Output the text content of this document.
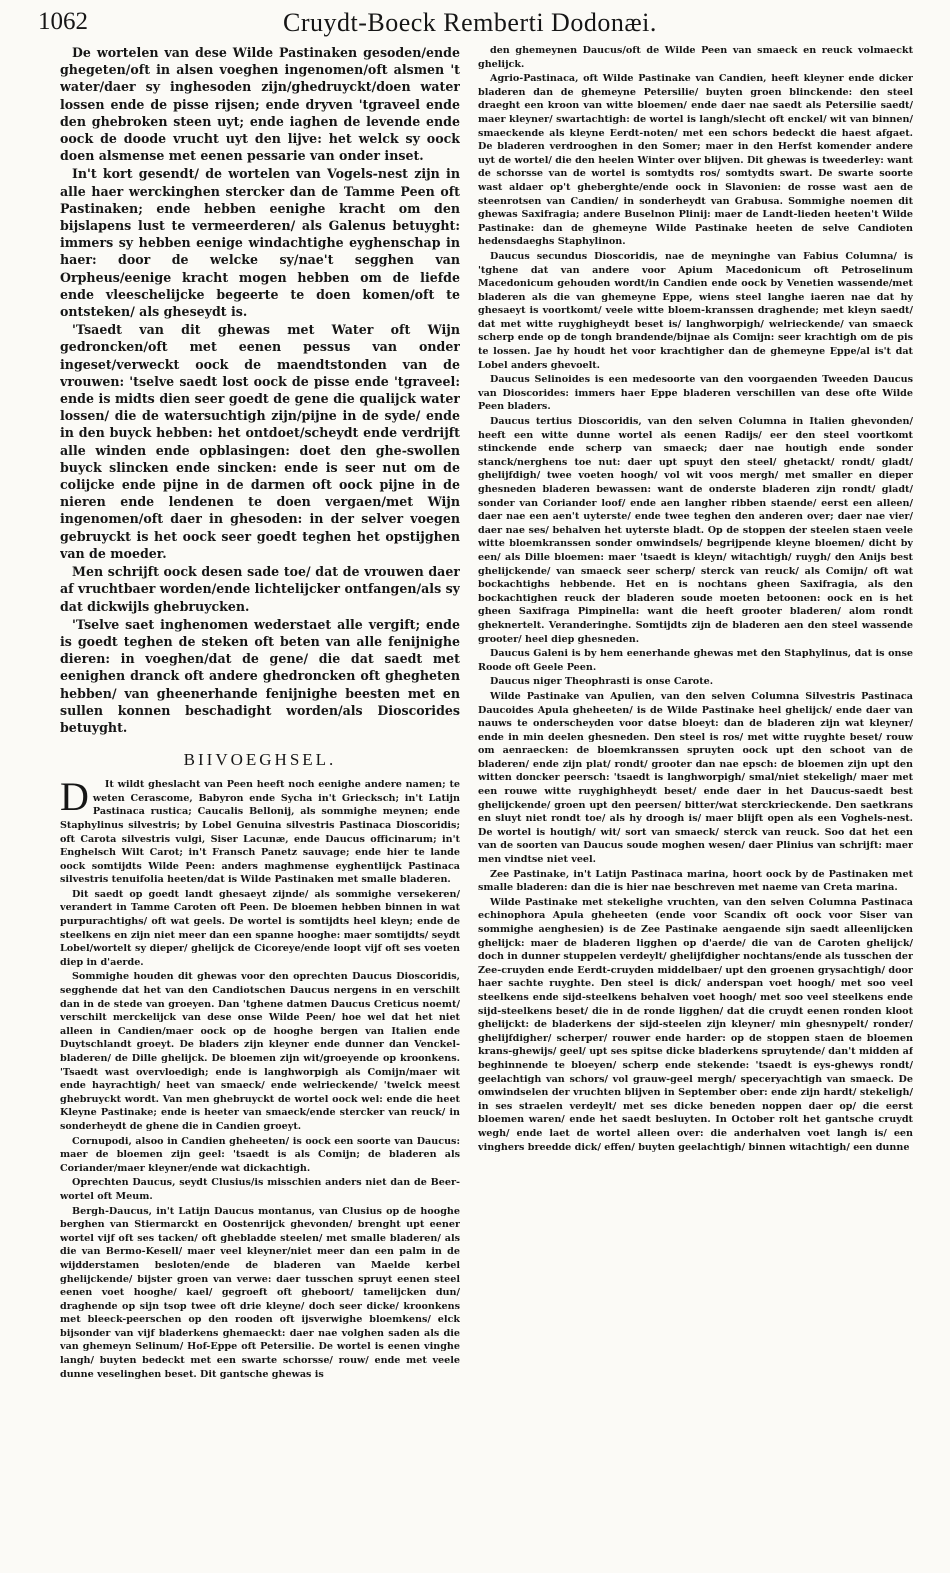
1062	Cruydt-Boeck Remberti Dodonæi.

De wortelen van dese Wilde Pastinaken gesoden/ende ghegeten/oft in alsen voeghen ingenomen/oft alsmen 't water/daer sy inghesoden zijn/ghedruyckt/doen water lossen ende de pisse rijsen; ende dryven 'tgraveel ende den ghebroken steen uyt; ende iaghen de levende ende oock de doode vrucht uyt den lijve: het welck sy oock doen alsmense met eenen pessarie van onder inset.

In't kort gesendt/ de wortelen van Vogels-nest zijn in alle haer werckinghen stercker dan de Tamme Peen oft Pastinaken; ende hebben eenighe kracht om den bijslapens lust te vermeerderen/ als Galenus betuyght: immers sy hebben eenige windachtighe eyghenschap in haer: door de welcke sy/nae't segghen van Orpheus/eenige kracht mogen hebben om de liefde ende vleeschelijcke begeerte te doen komen/oft te ontsteken/ als gheseydt is.

'Tsaedt van dit ghewas met Water oft Wijn gedroncken/oft met eenen pessus van onder ingeset/verweckt oock de maendtstonden van de vrouwen: 'tselve saedt lost oock de pisse ende 'tgraveel: ende is midts dien seer goedt de gene die qualijck water lossen/ die de watersuchtigh zijn/pijne in de syde/ ende in den buyck hebben: het ontdoet/scheydt ende verdrijft alle winden ende opblasingen: doet den ghe-swollen buyck slincken ende sincken: ende is seer nut om de colijcke ende pijne in de darmen oft oock pijne in de nieren ende lendenen te doen vergaen/met Wijn ingenomen/oft daer in ghesoden: in der selver voegen gebruyckt is het oock seer goedt teghen het opstijghen van de moeder.

Men schrijft oock desen sade toe/ dat de vrouwen daer af vruchtbaer worden/ende lichtelijcker ontfangen/als sy dat dickwijls ghebruycken.

'Tselve saet inghenomen wederstaet alle vergift; ende is goedt teghen de steken oft beten van alle fenijnighe dieren: in voeghen/dat de gene/ die dat saedt met eenighen dranck oft andere ghedroncken oft ghegheten hebben/ van gheenerhande fenijnighe beesten met en sullen konnen beschadight worden/als Dioscorides betuyght.

BIIVOEGHSEL.

D It wildt gheslacht van Peen heeft noch eenighe andere namen; te weten Cerascome, Babyron ende Sycha in't Griecksch; in't Latijn Pastinaca rustica; Caucalis Bellonij, als sommighe meynen; ende Staphylinus silvestris; by Lobel Genuina silvestris Pastinaca Dioscoridis; oft Carota silvestris vulgi, Siser Lacunæ, ende Daucus officinarum; in't Enghelsch Wilt Carot; in't Fransch Panetz sauvage; ende hier te lande oock somtijdts Wilde Peen: anders maghmense eyghentlijck Pastinaca silvestris tenuifolia heeten/dat is Wilde Pastinaken met smalle bladeren.

Dit saedt op goedt landt ghesaeyt zijnde/ als sommighe versekeren/ verandert in Tamme Caroten oft Peen. De bloemen hebben binnen in wat purpurachtighs/ oft wat geels. De wortel is somtijdts heel kleyn; ende de steelkens en zijn niet meer dan een spanne hooghe: maer somtijdts/ seydt Lobel/wortelt sy dieper/ ghelijck de Cicoreye/ende loopt vijf oft ses voeten diep in d'aerde.

Sommighe houden dit ghewas voor den oprechten Daucus Dioscoridis, segghende dat het van den Candiotschen Daucus nergens in en verschilt dan in de stede van groeyen. Dan 'tghene datmen Daucus Creticus noemt/ verschilt merckelijck van dese onse Wilde Peen/ hoe wel dat het niet alleen in Candien/maer oock op de hooghe bergen van Italien ende Duytschlandt groeyt. De bladers zijn kleyner ende dunner dan Venckel-bladeren/ de Dille ghelijck. De bloemen zijn wit/groeyende op kroonkens. 'Tsaedt wast overvloedigh; ende is langhworpigh als Comijn/maer wit ende hayrachtigh/ heet van smaeck/ ende welrieckende/ 'twelck meest ghebruyckt wordt. Van men ghebruyckt de wortel oock wel: ende die heet Kleyne Pastinake; ende is heeter van smaeck/ende stercker van reuck/ in sonderheydt de ghene die in Candien groeyt.

Cornupodi, alsoo in Candien gheheeten/ is oock een soorte van Daucus: maer de bloemen zijn geel: 'tsaedt is als Comijn; de bladeren als Coriander/maer kleyner/ende wat dickachtigh.

Oprechten Daucus, seydt Clusius/is misschien anders niet dan de Beer-wortel oft Meum.

Bergh-Daucus, in't Latijn Daucus montanus, van Clusius op de hooghe berghen van Stiermarckt en Oostenrijck ghevonden/ brenght upt eener wortel vijf oft ses tacken/ oft ghebladde steelen/ met smalle bladeren/ als die van Bermo-Kesell/ maer veel kleyner/niet meer dan een palm in de wijdderstamen besloten/ende de bladeren van Maelde kerbel ghelijckende/ bijster groen van verwe: daer tusschen spruyt eenen steel eenen voet hooghe/ kael/ gegroeft oft gheboort/ tamelijcken dun/ draghende op sijn tsop twee oft drie kleyne/ doch seer dicke/ kroonkens met bleeck-peerschen op den rooden oft ijsverwighe bloemkens/ elck bijsonder van vijf bladerkens ghemaeckt: daer nae volghen saden als die van ghemeyn Selinum/ Hof-Eppe oft Petersilie. De wortel is eenen vinghe langh/ buyten bedeckt met een swarte schorsse/ rouw/ ende met veele dunne veselinghen beset. Dit gantsche ghewas is

den ghemeynen Daucus/oft de Wilde Peen van smaeck en reuck volmaeckt ghelijck.

Agrio-Pastinaca, oft Wilde Pastinake van Candien, heeft kleyner ende dicker bladeren dan de ghemeyne Petersilie/ buyten groen blinckende: den steel draeght een kroon van witte bloemen/ ende daer nae saedt als Petersilie saedt/ maer kleyner/ swartachtigh: de wortel is langh/slecht oft enckel/ wit van binnen/ smaeckende als kleyne Eerdt-noten/ met een schors bedeckt die haest afgaet. De bladeren verdrooghen in den Somer; maer in den Herfst komender andere uyt de wortel/ die den heelen Winter over blijven. Dit ghewas is tweederley: want de schorsse van de wortel is somtydts ros/ somtydts swart. De swarte soorte wast aldaer op't gheberghte/ende oock in Slavonien: de rosse wast aen de steenrotsen van Candien/ in sonderheydt van Grabusa. Sommighe noemen dit ghewas Saxifragia; andere Buselnon Plinij: maer de Landt-lieden heeten't Wilde Pastinake: dan de ghemeyne Wilde Pastinake heeten de selve Candioten hedensdaeghs Staphylinon.

Daucus secundus Dioscoridis, nae de meyninghe van Fabius Columna/ is 'tghene dat van andere voor Apium Macedonicum oft Petroselinum Macedonicum gehouden wordt/in Candien ende oock by Venetien wassende/met bladeren als die van ghemeyne Eppe, wiens steel langhe iaeren nae dat hy ghesaeyt is voortkomt/ veele witte bloem-kranssen draghende; met kleyn saedt/ dat met witte ruyghigheydt beset is/ langhworpigh/ welrieckende/ van smaeck scherp ende op de tongh brandende/bijnae als Comijn: seer krachtigh om de pis te lossen. Jae hy houdt het voor krachtigher dan de ghemeyne Eppe/al is't dat Lobel anders ghevoelt.

Daucus Selinoides is een medesoorte van den voorgaenden Tweeden Daucus van Dioscorides: immers haer Eppe bladeren verschillen van dese ofte Wilde Peen bladers.

Daucus tertius Dioscoridis, van den selven Columna in Italien ghevonden/ heeft een witte dunne wortel als eenen Radijs/ eer den steel voortkomt stinckende ende scherp van smaeck; daer nae houtigh ende sonder stanck/nerghens toe nut: daer upt spuyt den steel/ ghetackt/ rondt/ gladt/ ghelijfdigh/ twee voeten hoogh/ vol wit voos mergh/ met smaller en dieper ghesneden bladeren bewassen: want de onderste bladeren zijn rondt/ gladt/ sonder van Coriander loof/ ende aen langher ribben staende/ eerst een alleen/ daer nae een aen't uyterste/ ende twee teghen den anderen over; daer nae vier/ daer nae ses/ behalven het uyterste bladt. Op de stoppen der steelen staen veele witte bloemkranssen sonder omwindsels/ begrijpende kleyne bloemen/ dicht by een/ als Dille bloemen: maer 'tsaedt is kleyn/ witachtigh/ ruygh/ den Anijs best ghelijckende/ van smaeck seer scherp/ sterck van reuck/ als Comijn/ oft wat bockachtighs hebbende. Het en is nochtans gheen Saxifragia, als den bockachtighen reuck der bladeren soude moeten betoonen: oock en is het gheen Saxifraga Pimpinella: want die heeft grooter bladeren/ alom rondt gheknertelt. Veranderinghe. Somtijdts zijn de bladeren aen den steel wassende grooter/ heel diep ghesneden.

Daucus Galeni is by hem eenerhande ghewas met den Staphylinus, dat is onse Roode oft Geele Peen.

Daucus niger Theophrasti is onse Carote.

Wilde Pastinake van Apulien, van den selven Columna Silvestris Pastinaca Daucoides Apula gheheeten/ is de Wilde Pastinake heel ghelijck/ ende daer van nauws te onderscheyden voor datse bloeyt: dan de bladeren zijn wat kleyner/ ende in min deelen ghesneden. Den steel is ros/ met witte ruyghte beset/ rouw om aenraecken: de bloemkranssen spruyten oock upt den schoot van de bladeren/ ende zijn plat/ rondt/ grooter dan nae epsch: de bloemen zijn upt den witten doncker peersch: 'tsaedt is langhworpigh/ smal/niet stekeligh/ maer met een rouwe witte ruyghighheydt beset/ ende daer in het Daucus-saedt best ghelijckende/ groen upt den peersen/ bitter/wat sterckrieckende. Den saetkrans en sluyt niet rondt toe/ als hy droogh is/ maer blijft open als een Voghels-nest. De wortel is houtigh/ wit/ sort van smaeck/ sterck van reuck. Soo dat het een van de soorten van Daucus soude moghen wesen/ daer Plinius van schrijft: maer men vindtse niet veel.

Zee Pastinake, in't Latijn Pastinaca marina, hoort oock by de Pastinaken met smalle bladeren: dan die is hier nae beschreven met naeme van Creta marina.

Wilde Pastinake met stekelighe vruchten, van den selven Columna Pastinaca echinophora Apula gheheeten (ende voor Scandix oft oock voor Siser van sommighe aenghesien) is de Zee Pastinake aengaende sijn saedt alleenlijcken ghelijck: maer de bladeren ligghen op d'aerde/ die van de Caroten ghelijck/ doch in dunner stuppelen verdeylt/ ghelijfdigher nochtans/ende als tusschen der Zee-cruyden ende Eerdt-cruyden middelbaer/ upt den groenen grysachtigh/ door haer sachte ruyghte. Den steel is dick/ anderspan voet hoogh/ met soo veel steelkens ende sijd-steelkens behalven voet hoogh/ met soo veel steelkens ende sijd-steelkens beset/ die in de ronde ligghen/ dat die cruydt eenen ronden kloot ghelijckt: de bladerkens der sijd-steelen zijn kleyner/ min ghesnypelt/ ronder/ ghelijfdigher/ scherper/ rouwer ende harder: op de stoppen staen de bloemen krans-ghewijs/ geel/ upt ses spitse dicke bladerkens spruytende/ dan't midden af beghinnende te bloeyen/ scherp ende stekende: 'tsaedt is eys-ghewys rondt/ geelachtigh van schors/ vol grauw-geel mergh/ speceryachtigh van smaeck. De omwindselen der vruchten blijven in September ober: ende zijn hardt/ stekeligh/ in ses straelen verdeylt/ met ses dicke beneden noppen daer op/ die eerst bloemen waren/ ende het saedt besluyten. In October rolt het gantsche cruydt wegh/ ende laet de wortel alleen over: die anderhalven voet langh is/ een vinghers breedde dick/ effen/ buyten geelachtigh/ binnen witachtigh/ een dunne
